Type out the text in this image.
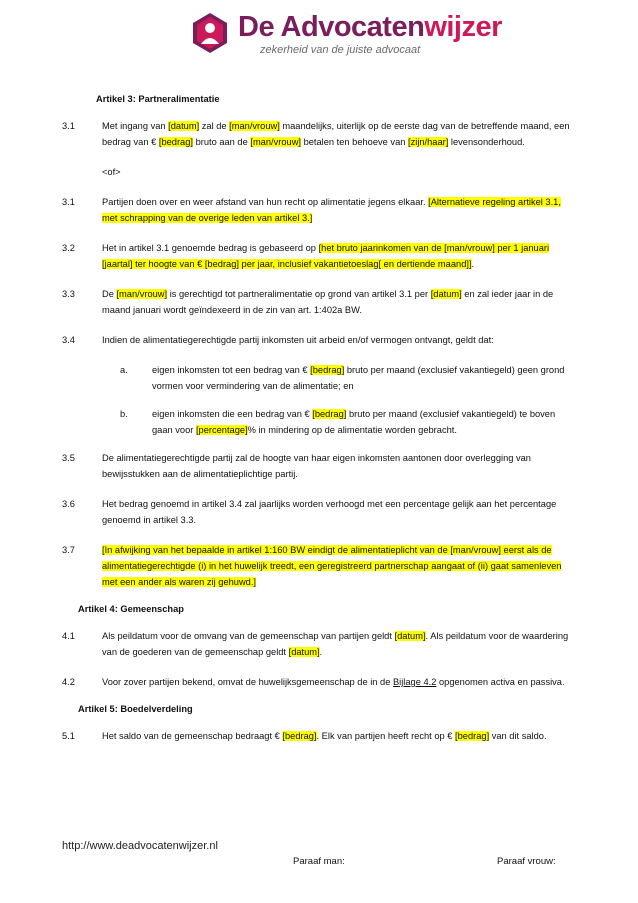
De Advocatenwijzer
zekerheid van de juiste advocaat
Artikel 3: Partneralimentatie
3.1	Met ingang van [datum] zal de [man/vrouw] maandelijks, uiterlijk op de eerste dag van de betreffende maand, een bedrag van € [bedrag] bruto aan de [man/vrouw] betalen ten behoeve van [zijn/haar] levensonderhoud.
<of>
3.1	Partijen doen over en weer afstand van hun recht op alimentatie jegens elkaar. [Alternatieve regeling artikel 3.1, met schrapping van de overige leden van artikel 3.]
3.2	Het in artikel 3.1 genoemde bedrag is gebaseerd op [het bruto jaarinkomen van de [man/vrouw] per 1 januari [jaartal] ter hoogte van € [bedrag] per jaar, inclusief vakantietoeslag[ en dertiende maand]].
3.3	De [man/vrouw] is gerechtigd tot partneralimentatie op grond van artikel 3.1 per [datum] en zal ieder jaar in de maand januari wordt geïndexeerd in de zin van art. 1:402a BW.
3.4	Indien de alimentatiegerechtigde partij inkomsten uit arbeid en/of vermogen ontvangt, geldt dat:
a.	eigen inkomsten tot een bedrag van € [bedrag] bruto per maand (exclusief vakantiegeld) geen grond vormen voor vermindering van de alimentatie; en
b.	eigen inkomsten die een bedrag van € [bedrag] bruto per maand (exclusief vakantiegeld) te boven gaan voor [percentage]% in mindering op de alimentatie worden gebracht.
3.5	De alimentatiegerechtigde partij zal de hoogte van haar eigen inkomsten aantonen door overlegging van bewijsstukken aan de alimentatieplichtige partij.
3.6	Het bedrag genoemd in artikel 3.4 zal jaarlijks worden verhoogd met een percentage gelijk aan het percentage genoemd in artikel 3.3.
3.7	[In afwijking van het bepaalde in artikel 1:160 BW eindigt de alimentatieplicht van de [man/vrouw] eerst als de alimentatiegerechtigde (i) in het huwelijk treedt, een geregistreerd partnerschap aangaat of (ii) gaat samenleven met een ander als waren zij gehuwd.]
Artikel 4: Gemeenschap
4.1	Als peildatum voor de omvang van de gemeenschap van partijen geldt [datum]. Als peildatum voor de waardering van de goederen van de gemeenschap geldt [datum].
4.2	Voor zover partijen bekend, omvat de huwelijksgemeenschap de in de Bijlage 4.2 opgenomen activa en passiva.
Artikel 5: Boedelverdeling
5.1	Het saldo van de gemeenschap bedraagt € [bedrag]. Elk van partijen heeft recht op € [bedrag] van dit saldo.
http://www.deadvocatenwijzer.nl
Paraaf man:	Paraaf vrouw:
